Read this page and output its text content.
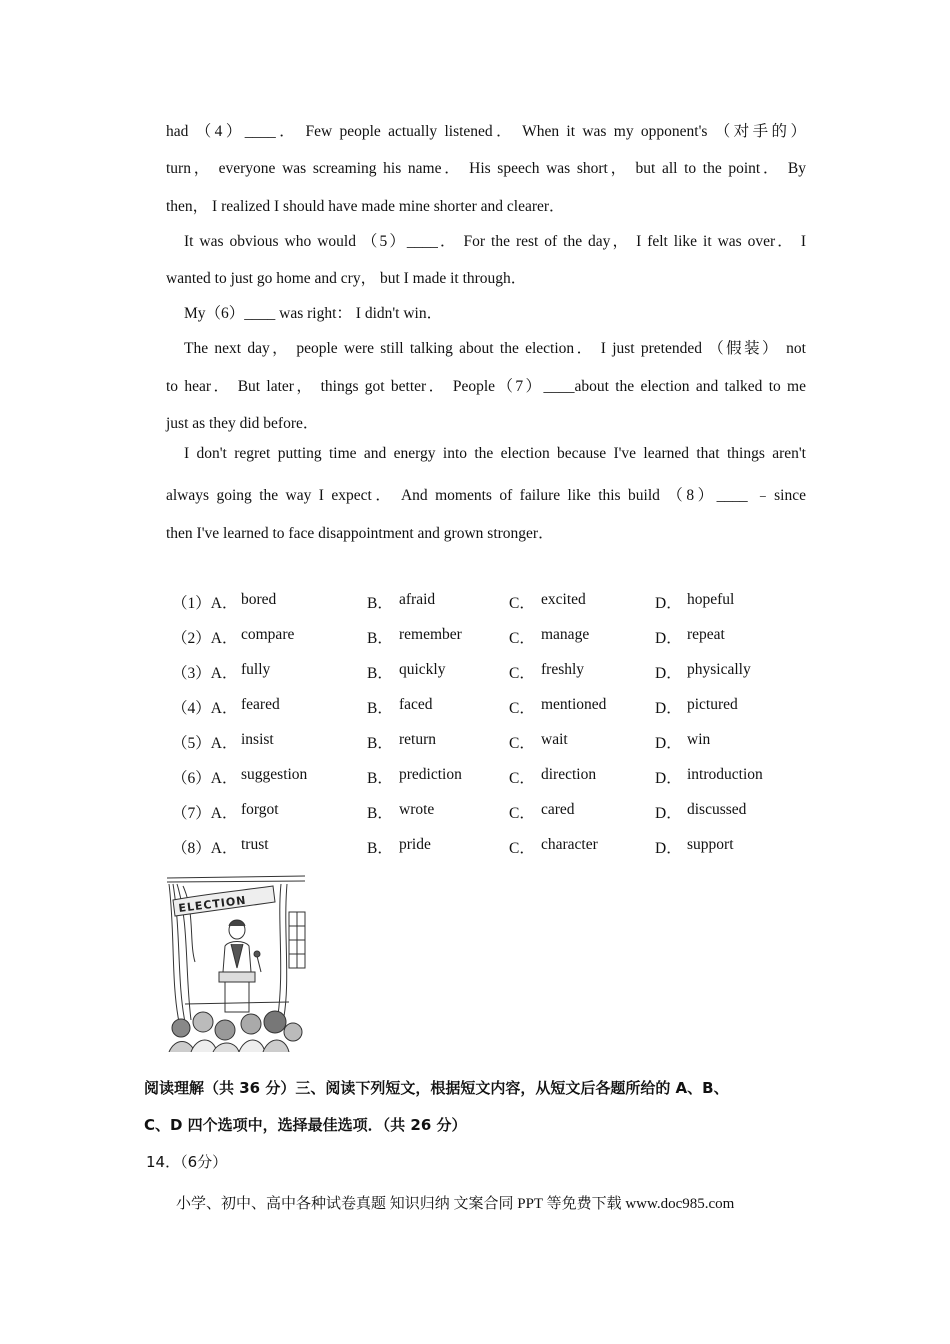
had （4）____． Few people actually listened． When it was my opponent's （对手的）
turn， everyone was screaming his name． His speech was short， but all to the point． By
then， I realized I should have made mine shorter and clearer．
It was obvious who would （5）____． For the rest of the day， I felt like it was over． I
wanted to just go home and cry， but I made it through．
My（6）____ was right： I didn't win．
The next day， people were still talking about the election． I just pretended （假装） not
to hear． But later， things got better． People（7）____about the election and talked to me
just as they did before．
I don't regret putting time and energy into the election because I've learned that things aren't
always going the way I expect． And moments of failure like this build （8）____ ﹣since
then I've learned to face disappointment and grown stronger．
（1）A． bored	B． afraid	C． excited	D． hopeful
（2）A． compare	B． remember	C． manage	D． repeat
（3）A． fully	B． quickly	C． freshly	D． physically
（4）A． feared	B． faced	C． mentioned	D． pictured
（5）A． insist	B． return	C． wait	D． win
（6）A． suggestion	B． prediction	C． direction	D． introduction
（7）A． forgot	B． wrote	C． cared	D． discussed
（8）A． trust	B． pride	C． character	D． support
ELECTION
阅读理解（共 36 分）三、阅读下列短文，根据短文内容，从短文后各题所给的 A、B、
C、D 四个选项中，选择最佳选项．（共 26 分）
14．（6分）
小学、初中、高中各种试卷真题 知识归纳 文案合同 PPT 等免费下载 www.doc985.com
